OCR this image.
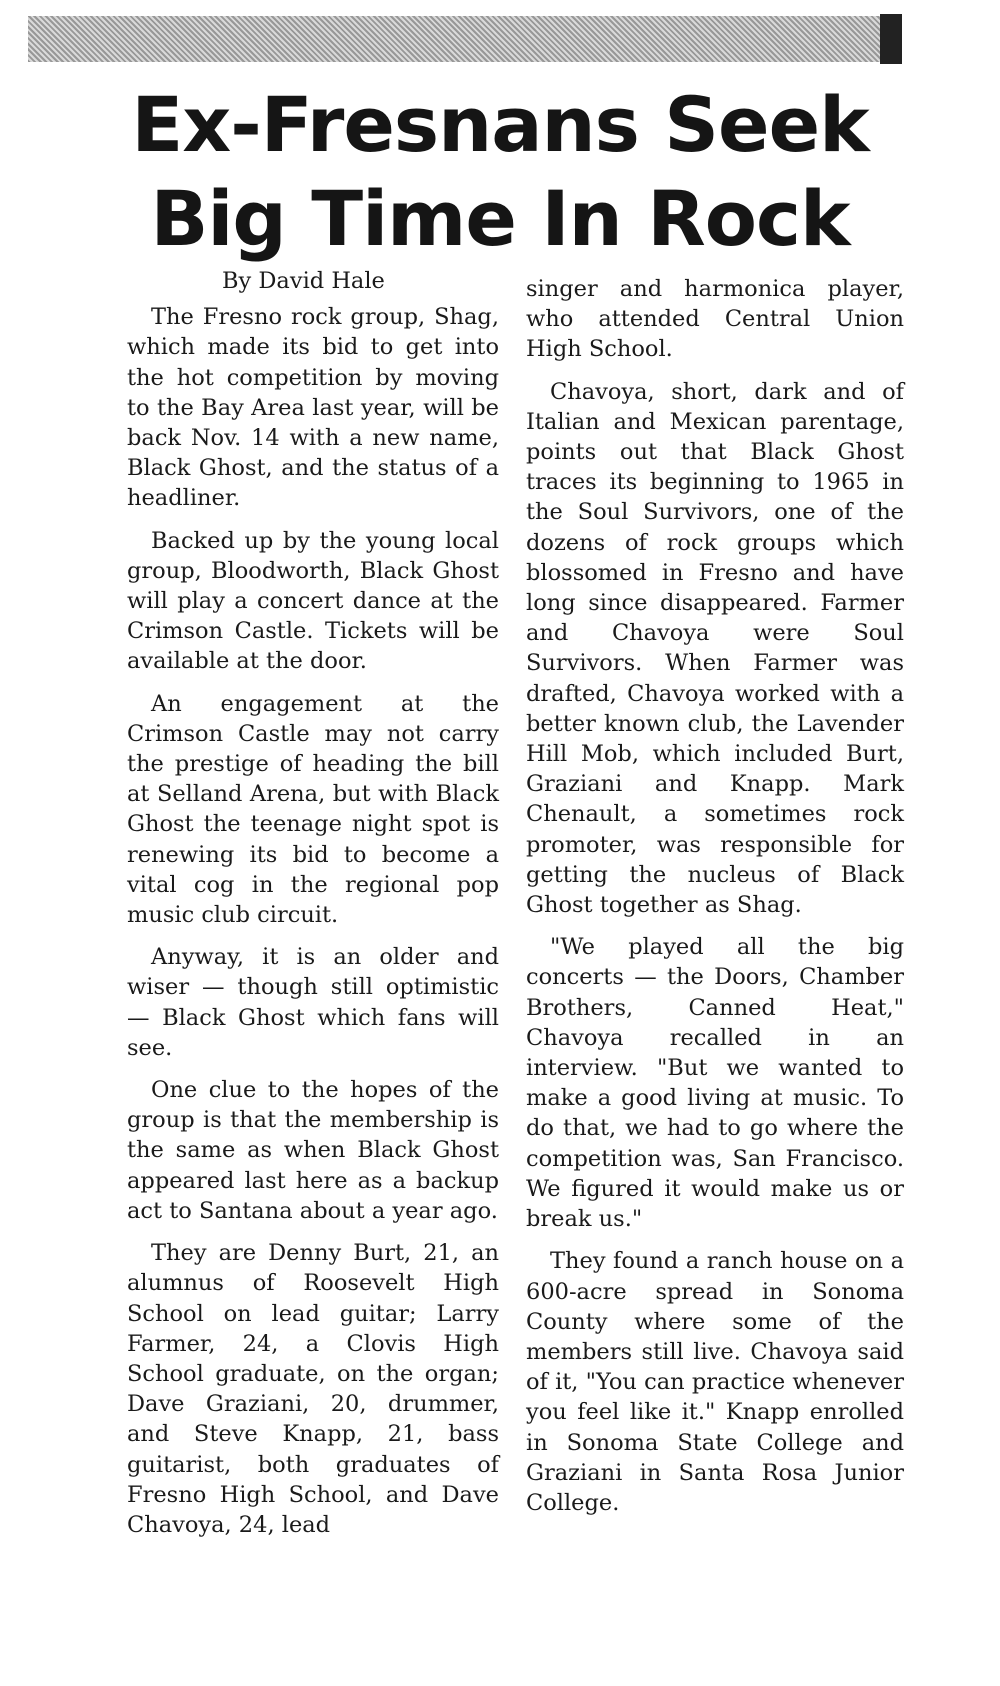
Ex-Fresnans Seek
Big Time In Rock
By David Hale

The Fresno rock group, Shag, which made its bid to get into the hot competition by moving to the Bay Area last year, will be back Nov. 14 with a new name, Black Ghost, and the status of a headliner.

Backed up by the young local group, Bloodworth, Black Ghost will play a concert dance at the Crimson Castle. Tickets will be available at the door.

An engagement at the Crimson Castle may not carry the prestige of heading the bill at Selland Arena, but with Black Ghost the teenage night spot is renewing its bid to become a vital cog in the regional pop music club circuit.

Anyway, it is an older and wiser — though still optimistic — Black Ghost which fans will see.

One clue to the hopes of the group is that the membership is the same as when Black Ghost appeared last here as a backup act to Santana about a year ago.

They are Denny Burt, 21, an alumnus of Roosevelt High School on lead guitar; Larry Farmer, 24, a Clovis High School graduate, on the organ; Dave Graziani, 20, drummer, and Steve Knapp, 21, bass guitarist, both graduates of Fresno High School, and Dave Chavoya, 24, lead

singer and harmonica player, who attended Central Union High School.

Chavoya, short, dark and of Italian and Mexican parentage, points out that Black Ghost traces its beginning to 1965 in the Soul Survivors, one of the dozens of rock groups which blossomed in Fresno and have long since disappeared. Farmer and Chavoya were Soul Survivors. When Farmer was drafted, Chavoya worked with a better known club, the Lavender Hill Mob, which included Burt, Graziani and Knapp. Mark Chenault, a sometimes rock promoter, was responsible for getting the nucleus of Black Ghost together as Shag.

"We played all the big concerts — the Doors, Chamber Brothers, Canned Heat," Chavoya recalled in an interview. "But we wanted to make a good living at music. To do that, we had to go where the competition was, San Francisco. We figured it would make us or break us."

They found a ranch house on a 600-acre spread in Sonoma County where some of the members still live. Chavoya said of it, "You can practice whenever you feel like it." Knapp enrolled in Sonoma State College and Graziani in Santa Rosa Junior College.
